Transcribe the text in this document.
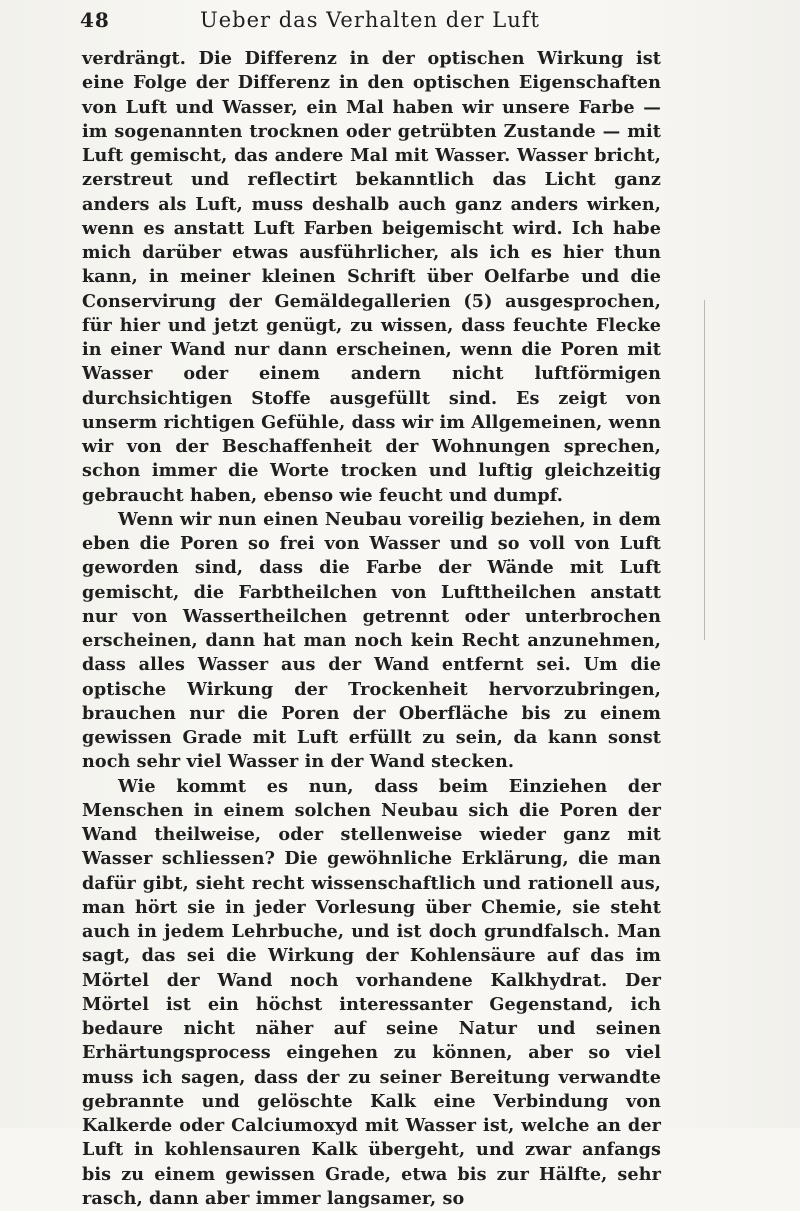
48	Ueber das Verhalten der Luft

verdrängt. Die Differenz in der optischen Wirkung ist eine Folge der Differenz in den optischen Eigenschaften von Luft und Wasser, ein Mal haben wir unsere Farbe — im sogenannten trocknen oder getrübten Zustande — mit Luft gemischt, das andere Mal mit Wasser. Wasser bricht, zerstreut und reflectirt bekanntlich das Licht ganz anders als Luft, muss deshalb auch ganz anders wirken, wenn es anstatt Luft Farben beigemischt wird. Ich habe mich darüber etwas ausführlicher, als ich es hier thun kann, in meiner kleinen Schrift über Oelfarbe und die Conservirung der Gemäldegallerien (5) ausgesprochen, für hier und jetzt genügt, zu wissen, dass feuchte Flecke in einer Wand nur dann erscheinen, wenn die Poren mit Wasser oder einem andern nicht luftförmigen durchsichtigen Stoffe ausgefüllt sind. Es zeigt von unserm richtigen Gefühle, dass wir im Allgemeinen, wenn wir von der Beschaffenheit der Wohnungen sprechen, schon immer die Worte trocken und luftig gleichzeitig gebraucht haben, ebenso wie feucht und dumpf.

Wenn wir nun einen Neubau voreilig beziehen, in dem eben die Poren so frei von Wasser und so voll von Luft geworden sind, dass die Farbe der Wände mit Luft gemischt, die Farbtheilchen von Lufttheilchen anstatt nur von Wassertheilchen getrennt oder unterbrochen erscheinen, dann hat man noch kein Recht anzunehmen, dass alles Wasser aus der Wand entfernt sei. Um die optische Wirkung der Trockenheit hervorzubringen, brauchen nur die Poren der Oberfläche bis zu einem gewissen Grade mit Luft erfüllt zu sein, da kann sonst noch sehr viel Wasser in der Wand stecken.

Wie kommt es nun, dass beim Einziehen der Menschen in einem solchen Neubau sich die Poren der Wand theilweise, oder stellenweise wieder ganz mit Wasser schliessen? Die gewöhnliche Erklärung, die man dafür gibt, sieht recht wissenschaftlich und rationell aus, man hört sie in jeder Vorlesung über Chemie, sie steht auch in jedem Lehrbuche, und ist doch grundfalsch. Man sagt, das sei die Wirkung der Kohlensäure auf das im Mörtel der Wand noch vorhandene Kalkhydrat. Der Mörtel ist ein höchst interessanter Gegenstand, ich bedaure nicht näher auf seine Natur und seinen Erhärtungsprocess eingehen zu können, aber so viel muss ich sagen, dass der zu seiner Bereitung verwandte gebrannte und gelöschte Kalk eine Verbindung von Kalkerde oder Calciumoxyd mit Wasser ist, welche an der Luft in kohlensauren Kalk übergeht, und zwar anfangs bis zu einem gewissen Grade, etwa bis zur Hälfte, sehr rasch, dann aber immer langsamer, so
